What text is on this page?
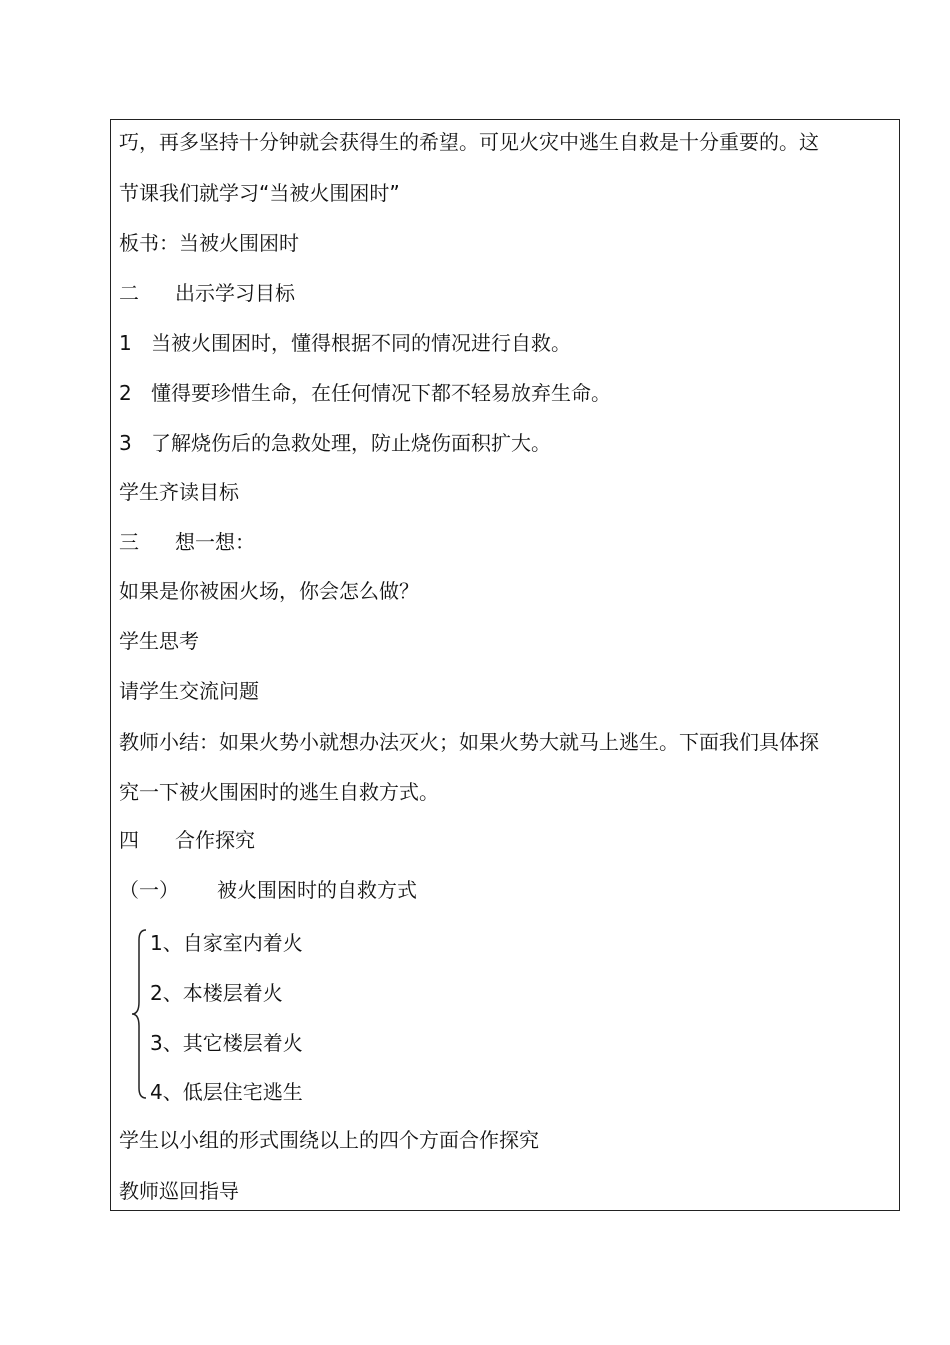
巧，再多坚持十分钟就会获得生的希望。可见火灾中逃生自救是十分重要的。这
节课我们就学习“当被火围困时”
板书：当被火围困时
二 出示学习目标
1 当被火围困时，懂得根据不同的情况进行自救。
2 懂得要珍惜生命，在任何情况下都不轻易放弃生命。
3 了解烧伤后的急救处理，防止烧伤面积扩大。
学生齐读目标
三 想一想：
如果是你被困火场，你会怎么做？
学生思考
请学生交流问题
教师小结：如果火势小就想办法灭火；如果火势大就马上逃生。下面我们具体探
究一下被火围困时的逃生自救方式。
四 合作探究
（一） 被火围困时的自救方式
1、自家室内着火
2、本楼层着火
3、其它楼层着火
4、低层住宅逃生
学生以小组的形式围绕以上的四个方面合作探究
教师巡回指导
